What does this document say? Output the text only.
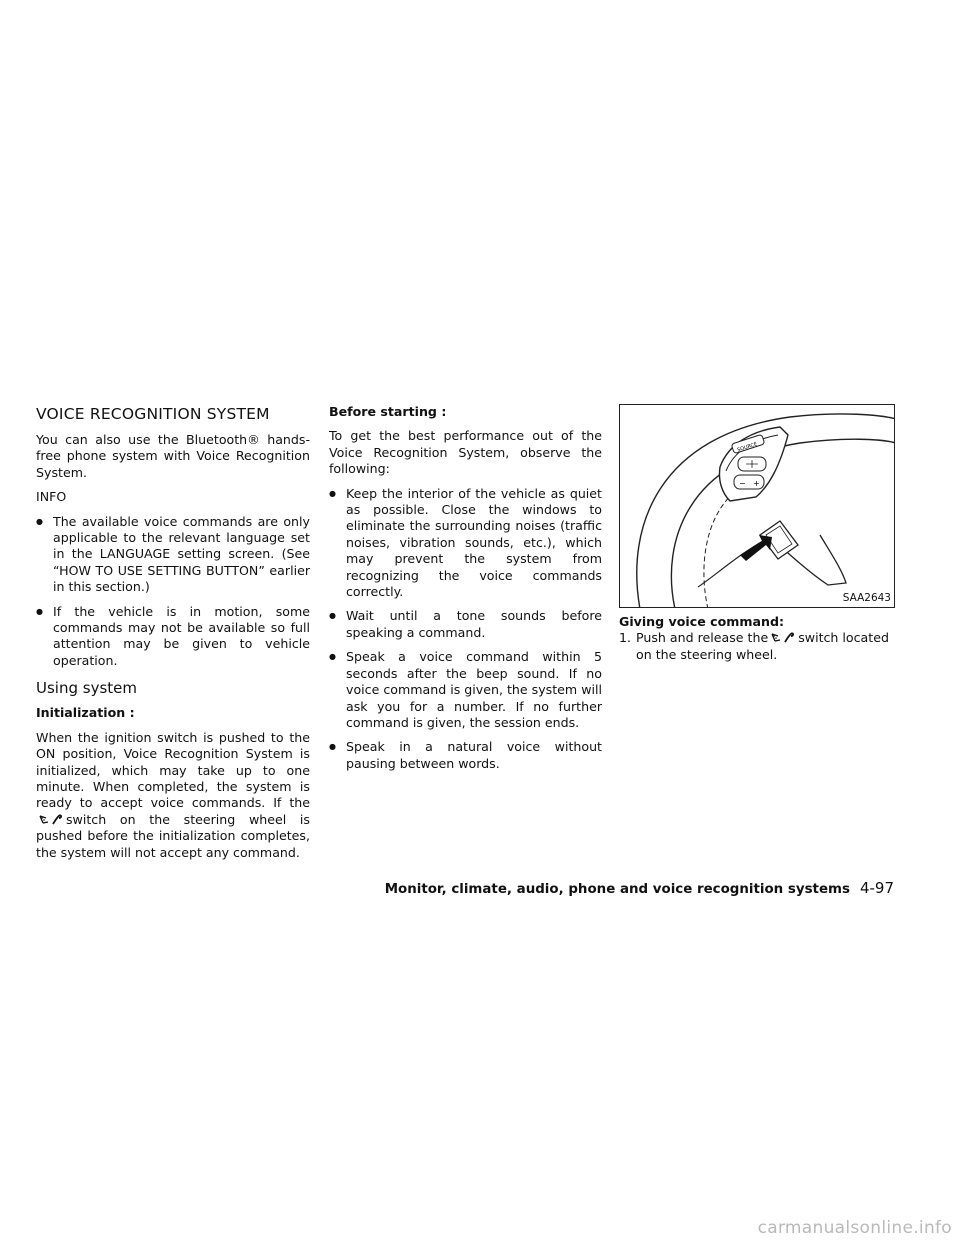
VOICE RECOGNITION SYSTEM

You can also use the Bluetooth® hands-free phone system with Voice Recognition System.

INFO

● The available voice commands are only applicable to the relevant language set in the LANGUAGE setting screen. (See “HOW TO USE SETTING BUTTON” earlier in this section.)
● If the vehicle is in motion, some commands may not be available so full attention may be given to vehicle operation.
Using system

Initialization :

When the ignition switch is pushed to the ON position, Voice Recognition System is initialized, which may take up to one minute. When completed, the system is ready to accept voice commands. If the
switch on the steering wheel is pushed before the initialization completes, the system will not accept any command.

Before starting :

To get the best performance out of the Voice Recognition System, observe the following:

● Keep the interior of the vehicle as quiet as possible. Close the windows to eliminate the surrounding noises (traffic noises, vibration sounds, etc.), which may prevent the system from recognizing the voice commands correctly.
● Wait until a tone sounds before speaking a command.
● Speak a voice command within 5 seconds after the beep sound. If no voice command is given, the system will ask you for a number. If no further command is given, the session ends.
● Speak in a natural voice without pausing between words.
SOURCE
− +
SAA2643

Giving voice command:

1. Push and release the switch located on the steering wheel.
Monitor, climate, audio, phone and voice recognition systems 4-97
carmanualsonline.info
